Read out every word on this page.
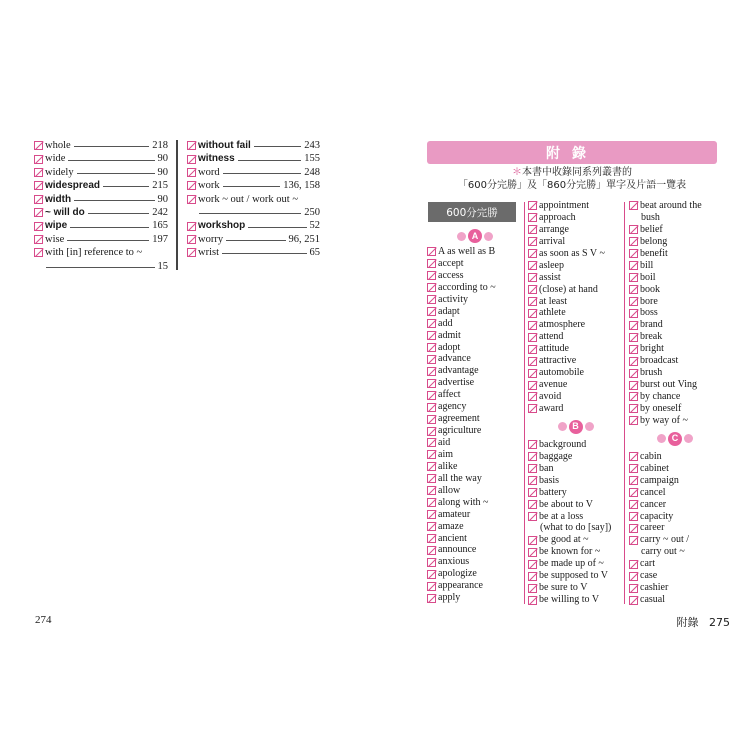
whole	218
wide	90
widely	90
widespread	215
width	90
~ will do	242
wipe	165
wise	197
with [in] reference to ~
15
without fail	243
witness	155
word	248
work	136, 158
work ~ out / work out ~
250
workshop	52
worry	96, 251
wrist	65
274
附錄
＊本書中收錄同系列叢書的
「600分完勝」及「860分完勝」單字及片語一覽表
600分完勝
A
A as well as B
accept
access
according to ~
activity
adapt
add
admit
adopt
advance
advantage
advertise
affect
agency
agreement
agriculture
aid
aim
alike
all the way
allow
along with ~
amateur
amaze
ancient
announce
anxious
apologize
appearance
apply
appointment
approach
arrange
arrival
as soon as S V ~
asleep
assist
(close) at hand
at least
athlete
atmosphere
attend
attitude
attractive
automobile
avenue
avoid
award
B
background
baggage
ban
basis
battery
be about to V
be at a loss
(what to do [say])
be good at ~
be known for ~
be made up of ~
be supposed to V
be sure to V
be willing to V
beat around the
bush
belief
belong
benefit
bill
boil
book
bore
boss
brand
break
bright
broadcast
brush
burst out Ving
by chance
by oneself
by way of ~
C
cabin
cabinet
campaign
cancel
cancer
capacity
career
carry ~ out /
carry out ~
cart
case
cashier
casual
附錄 275
